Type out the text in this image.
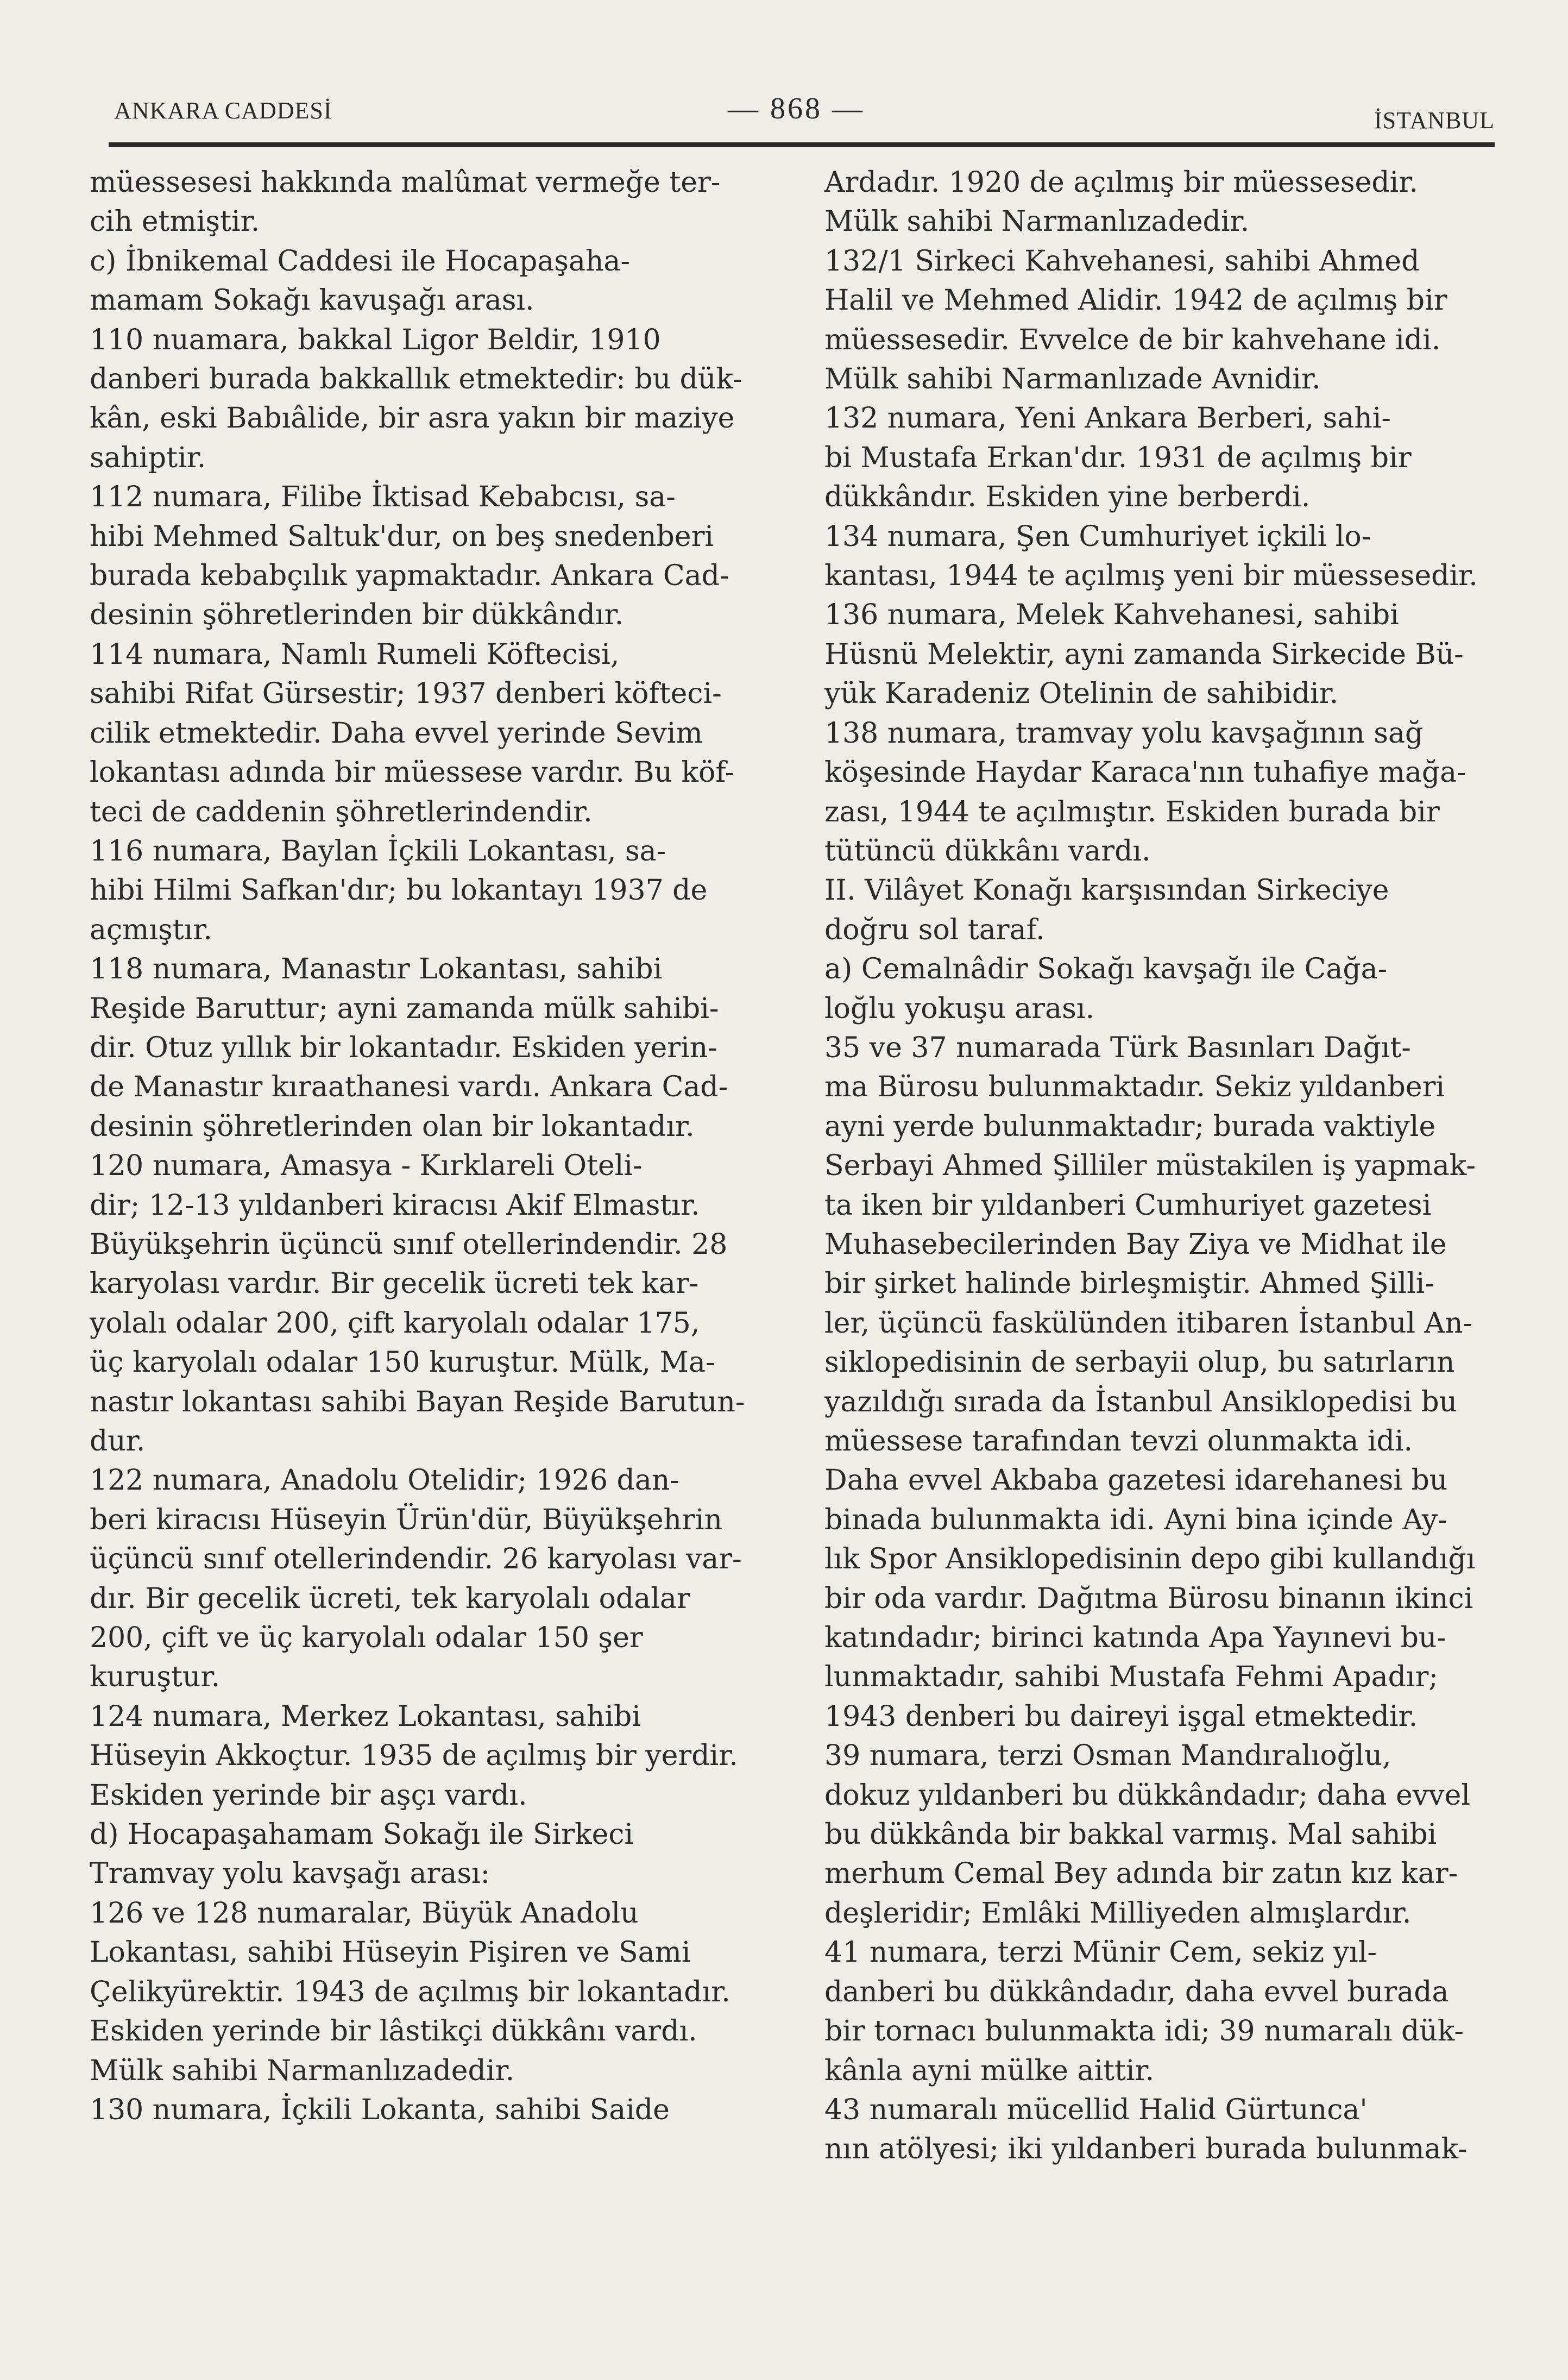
ANKARA CADDESİ	— 868 —	İSTANBUL

müessesesi hakkında malûmat vermeğe ter-
cih etmiştir.

c) İbnikemal Caddesi ile Hocapaşaha-
mamam Sokağı kavuşağı arası.

110 nuamara, bakkal Ligor Beldir, 1910
danberi burada bakkallık etmektedir: bu dük-
kân, eski Babıâlide, bir asra yakın bir maziye
sahiptir.

112 numara, Filibe İktisad Kebabcısı, sa-
hibi Mehmed Saltuk'dur, on beş snedenberi
burada kebabçılık yapmaktadır. Ankara Cad-
desinin şöhretlerinden bir dükkândır.

114 numara, Namlı Rumeli Köftecisi,
sahibi Rifat Gürsestir; 1937 denberi köfteci-
cilik etmektedir. Daha evvel yerinde Sevim
lokantası adında bir müessese vardır. Bu köf-
teci de caddenin şöhretlerindendir.

116 numara, Baylan İçkili Lokantası, sa-
hibi Hilmi Safkan'dır; bu lokantayı 1937 de
açmıştır.

118 numara, Manastır Lokantası, sahibi
Reşide Baruttur; ayni zamanda mülk sahibi-
dir. Otuz yıllık bir lokantadır. Eskiden yerin-
de Manastır kıraathanesi vardı. Ankara Cad-
desinin şöhretlerinden olan bir lokantadır.

120 numara, Amasya - Kırklareli Oteli-
dir; 12-13 yıldanberi kiracısı Akif Elmastır.
Büyükşehrin üçüncü sınıf otellerindendir. 28
karyolası vardır. Bir gecelik ücreti tek kar-
yolalı odalar 200, çift karyolalı odalar 175,
üç karyolalı odalar 150 kuruştur. Mülk, Ma-
nastır lokantası sahibi Bayan Reşide Barutun-
dur.

122 numara, Anadolu Otelidir; 1926 dan-
beri kiracısı Hüseyin Ürün'dür, Büyükşehrin
üçüncü sınıf otellerindendir. 26 karyolası var-
dır. Bir gecelik ücreti, tek karyolalı odalar
200, çift ve üç karyolalı odalar 150 şer
kuruştur.

124 numara, Merkez Lokantası, sahibi
Hüseyin Akkoçtur. 1935 de açılmış bir yerdir.
Eskiden yerinde bir aşçı vardı.

d) Hocapaşahamam Sokağı ile Sirkeci
Tramvay yolu kavşağı arası:

126 ve 128 numaralar, Büyük Anadolu
Lokantası, sahibi Hüseyin Pişiren ve Sami
Çelikyürektir. 1943 de açılmış bir lokantadır.
Eskiden yerinde bir lâstikçi dükkânı vardı.
Mülk sahibi Narmanlızadedir.

130 numara, İçkili Lokanta, sahibi Saide

Ardadır. 1920 de açılmış bir müessesedir.
Mülk sahibi Narmanlızadedir.

132/1 Sirkeci Kahvehanesi, sahibi Ahmed
Halil ve Mehmed Alidir. 1942 de açılmış bir
müessesedir. Evvelce de bir kahvehane idi.
Mülk sahibi Narmanlızade Avnidir.

132 numara, Yeni Ankara Berberi, sahi-
bi Mustafa Erkan'dır. 1931 de açılmış bir
dükkândır. Eskiden yine berberdi.

134 numara, Şen Cumhuriyet içkili lo-
kantası, 1944 te açılmış yeni bir müessesedir.

136 numara, Melek Kahvehanesi, sahibi
Hüsnü Melektir, ayni zamanda Sirkecide Bü-
yük Karadeniz Otelinin de sahibidir.

138 numara, tramvay yolu kavşağının sağ
köşesinde Haydar Karaca'nın tuhafiye mağa-
zası, 1944 te açılmıştır. Eskiden burada bir
tütüncü dükkânı vardı.

II. Vilâyet Konağı karşısından Sirkeciye
doğru sol taraf.

a) Cemalnâdir Sokağı kavşağı ile Cağa-
loğlu yokuşu arası.

35 ve 37 numarada Türk Basınları Dağıt-
ma Bürosu bulunmaktadır. Sekiz yıldanberi
ayni yerde bulunmaktadır; burada vaktiyle
Serbayi Ahmed Şilliler müstakilen iş yapmak-
ta iken bir yıldanberi Cumhuriyet gazetesi
Muhasebecilerinden Bay Ziya ve Midhat ile
bir şirket halinde birleşmiştir. Ahmed Şilli-
ler, üçüncü faskülünden itibaren İstanbul An-
siklopedisinin de serbayii olup, bu satırların
yazıldığı sırada da İstanbul Ansiklopedisi bu
müessese tarafından tevzi olunmakta idi.
Daha evvel Akbaba gazetesi idarehanesi bu
binada bulunmakta idi. Ayni bina içinde Ay-
lık Spor Ansiklopedisinin depo gibi kullandığı
bir oda vardır. Dağıtma Bürosu binanın ikinci
katındadır; birinci katında Apa Yayınevi bu-
lunmaktadır, sahibi Mustafa Fehmi Apadır;
1943 denberi bu daireyi işgal etmektedir.

39 numara, terzi Osman Mandıralıoğlu,
dokuz yıldanberi bu dükkândadır; daha evvel
bu dükkânda bir bakkal varmış. Mal sahibi
merhum Cemal Bey adında bir zatın kız kar-
deşleridir; Emlâki Milliyeden almışlardır.

41 numara, terzi Münir Cem, sekiz yıl-
danberi bu dükkândadır, daha evvel burada
bir tornacı bulunmakta idi; 39 numaralı dük-
kânla ayni mülke aittir.

43 numaralı mücellid Halid Gürtunca'
nın atölyesi; iki yıldanberi burada bulunmak-
